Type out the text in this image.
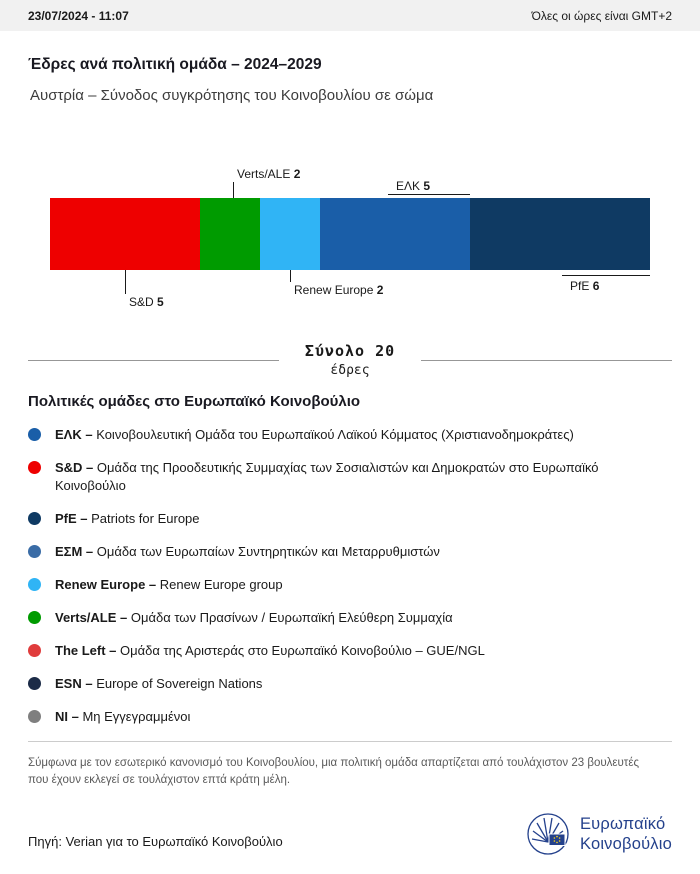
23/07/2024 - 11:07	Όλες οι ώρες είναι GMT+2
Έδρες ανά πολιτική ομάδα – 2024–2029
Αυστρία – Σύνοδος συγκρότησης του Κοινοβουλίου σε σώμα
S&D 5
Verts/ALE 2
Renew Europe 2
ΕΛΚ 5
PfE 6
Σύνολο 20
έδρες
Πολιτικές ομάδες στο Ευρωπαϊκό Κοινοβούλιο
ΕΛΚ – Κοινοβουλευτική Ομάδα του Ευρωπαϊκού Λαϊκού Κόμματος (Χριστιανοδημοκράτες)
S&D – Ομάδα της Προοδευτικής Συμμαχίας των Σοσιαλιστών και Δημοκρατών στο Ευρωπαϊκό Κοινοβούλιο
PfE – Patriots for Europe
ΕΣΜ – Ομάδα των Ευρωπαίων Συντηρητικών και Μεταρρυθμιστών
Renew Europe – Renew Europe group
Verts/ALE – Ομάδα των Πρασίνων / Ευρωπαϊκή Ελεύθερη Συμμαχία
The Left – Ομάδα της Αριστεράς στο Ευρωπαϊκό Κοινοβούλιο – GUE/NGL
ESN – Europe of Sovereign Nations
NI – Μη Εγγεγραμμένοι

Σύμφωνα με τον εσωτερικό κανονισμό του Κοινοβουλίου, μια πολιτική ομάδα απαρτίζεται από τουλάχιστον 23 βουλευτές που έχουν εκλεγεί σε τουλάχιστον επτά κράτη μέλη.

Πηγή: Verian για το Ευρωπαϊκό Κοινοβούλιο
Ευρωπαϊκό
Κοινοβούλιο
